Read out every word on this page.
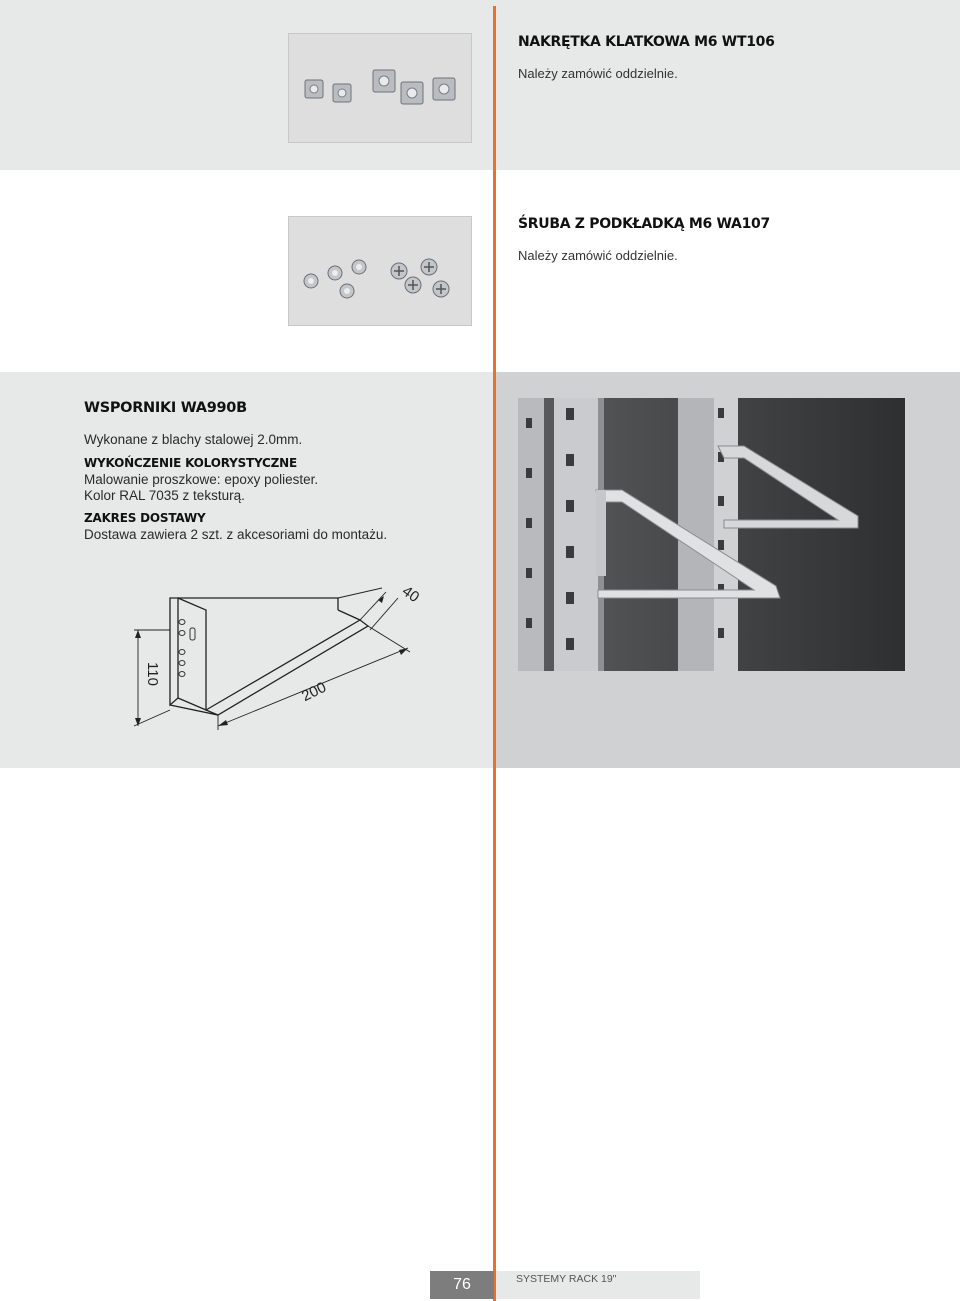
NAKRĘTKA KLATKOWA M6 WT106
Należy zamówić oddzielnie.
ŚRUBA Z PODKŁADKĄ M6 WA107
Należy zamówić oddzielnie.
WSPORNIKI WA990B
Wykonane z blachy stalowej 2.0mm.
WYKOŃCZENIE KOLORYSTYCZNE
Malowanie proszkowe: epoxy poliester.
Kolor RAL 7035 z teksturą.
ZAKRES DOSTAWY
Dostawa zawiera 2 szt. z akcesoriami do montażu.
110
200
40
76	SYSTEMY RACK 19"
